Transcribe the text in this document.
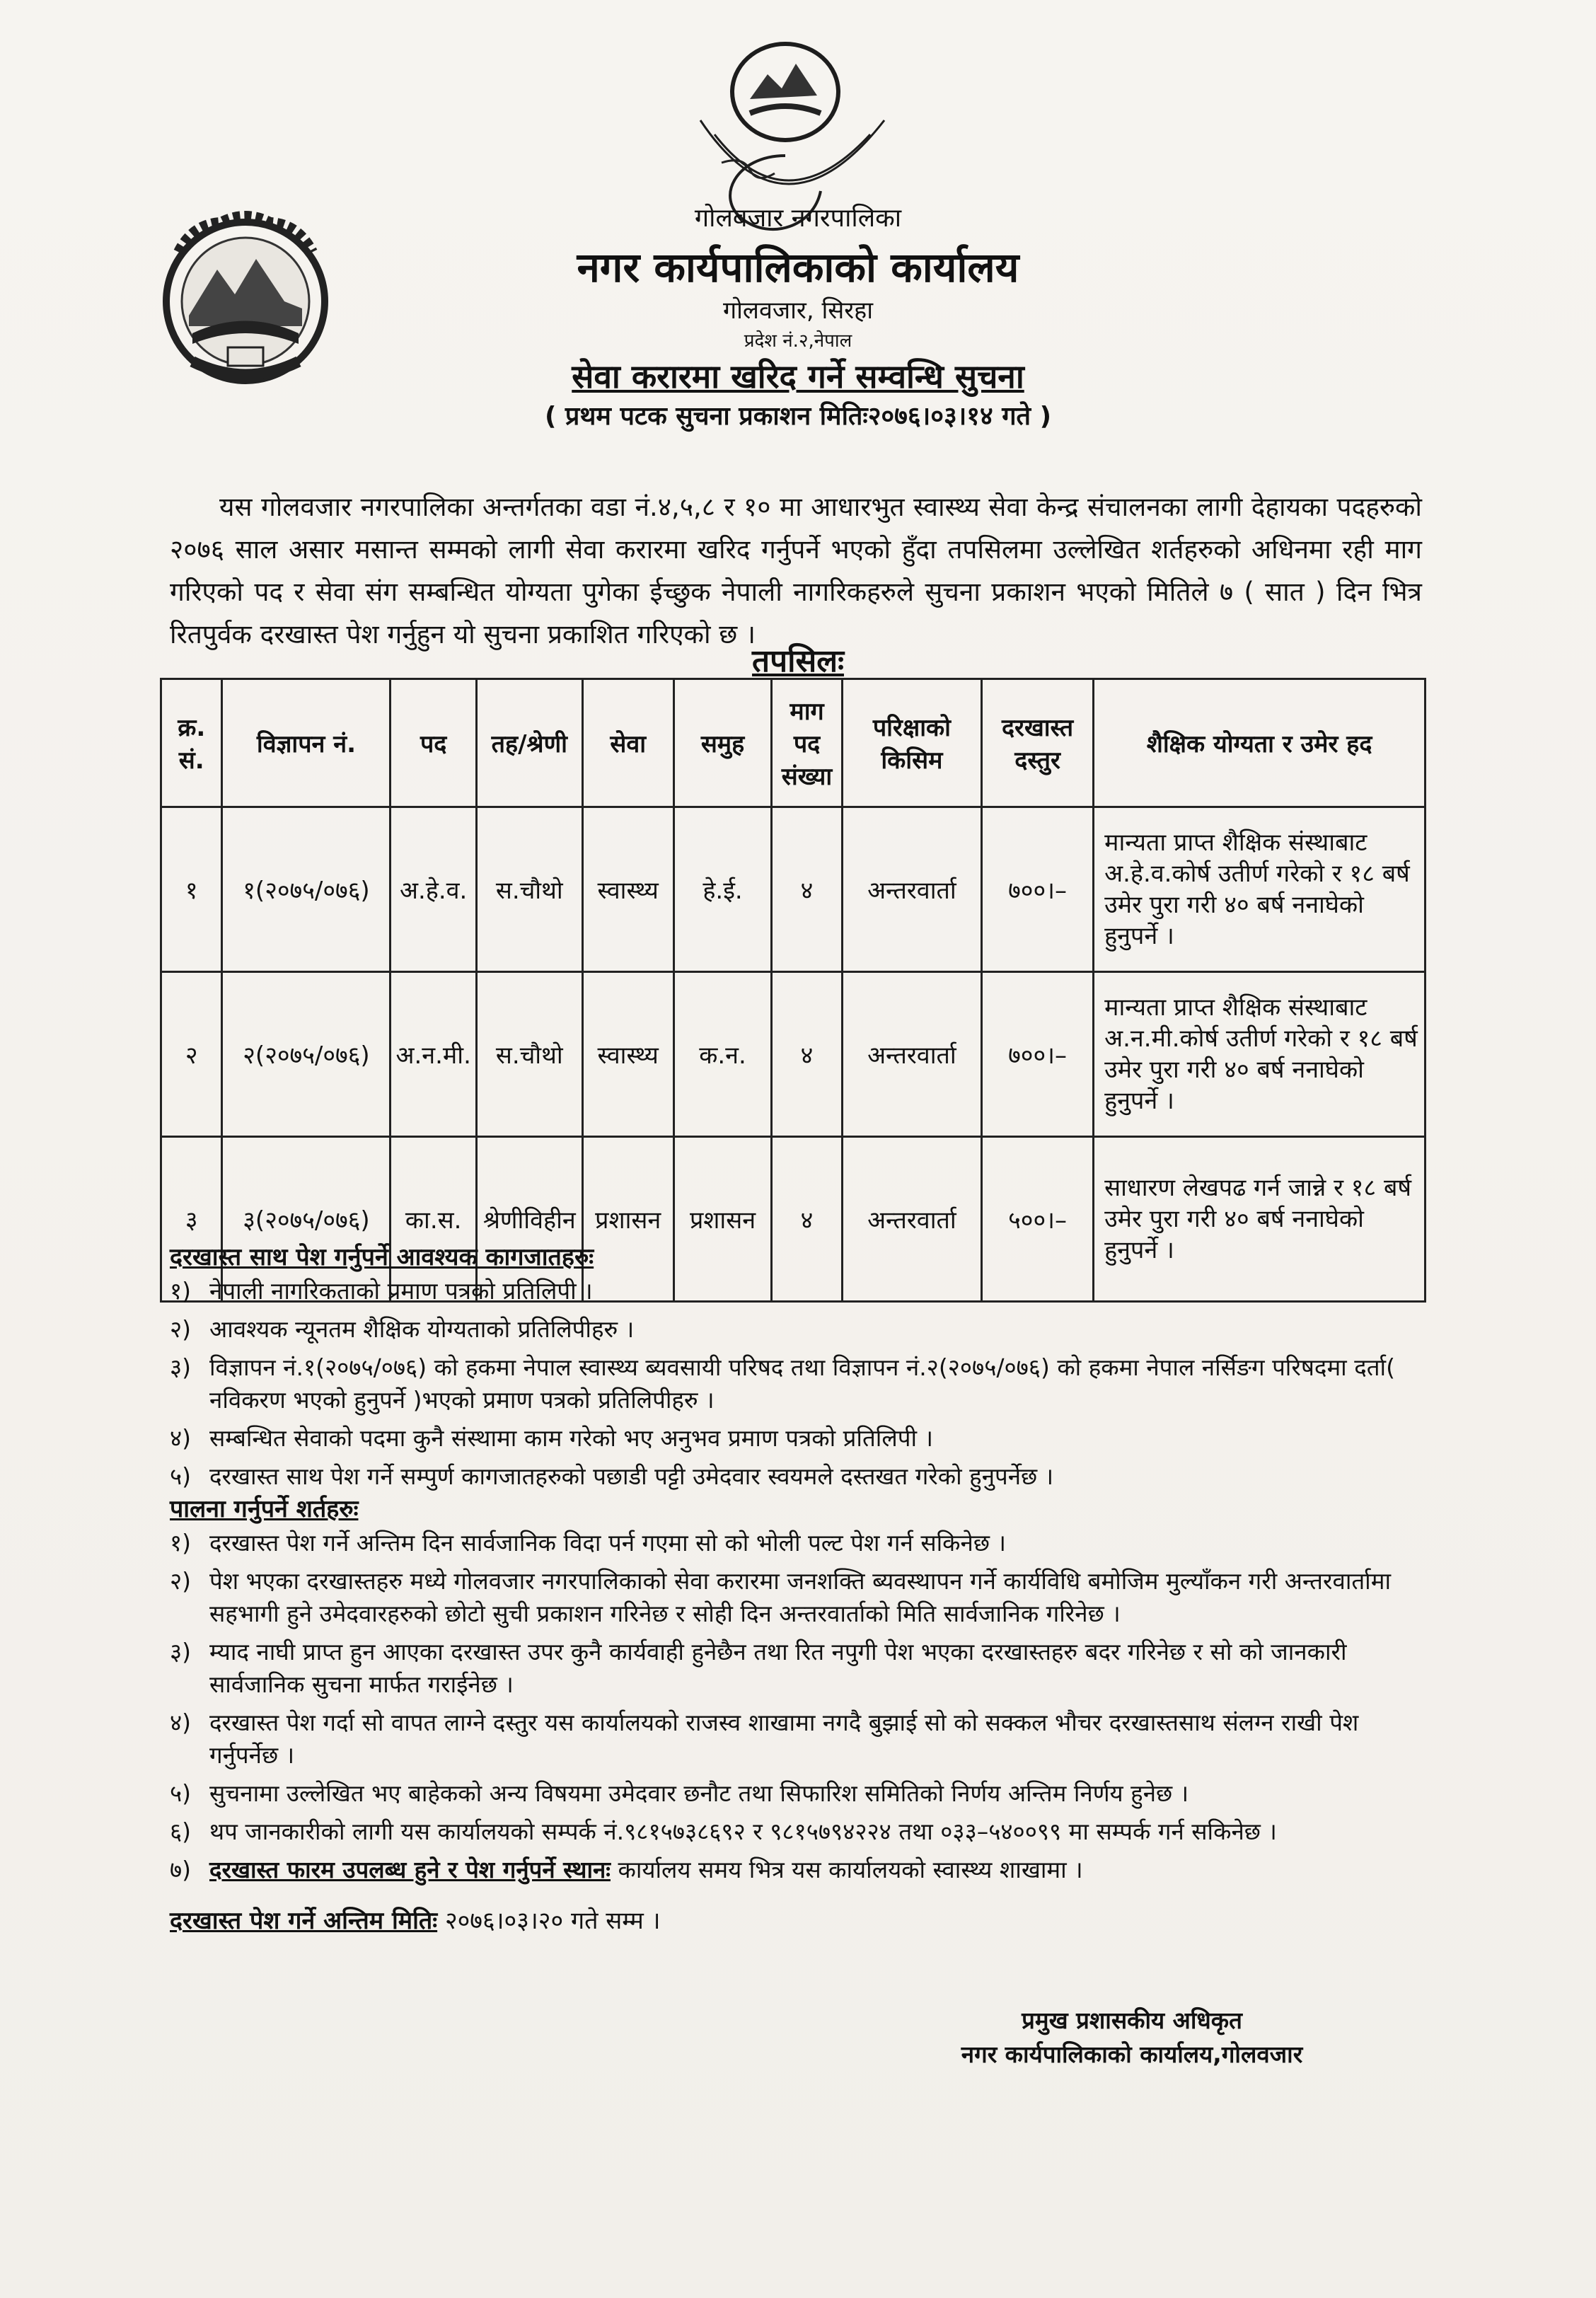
गोलबजार नगरपालिका
नगर कार्यपालिकाको कार्यालय
गोलवजार, सिरहा
प्रदेश नं.२,नेपाल
सेवा करारमा खरिद गर्ने सम्वन्धि सुचना
( प्रथम पटक सुचना प्रकाशन मितिः२०७६।०३।१४ गते )

यस गोलवजार नगरपालिका अन्तर्गतका वडा नं.४,५,८ र १० मा आधारभुत स्वास्थ्य सेवा केन्द्र संचालनका लागी देहायका पदहरुको २०७६ साल असार मसान्त सम्मको लागी सेवा करारमा खरिद गर्नुपर्ने भएको हुँदा तपसिलमा उल्लेखित शर्तहरुको अधिनमा रही माग गरिएको पद र सेवा संग सम्बन्धित योग्यता पुगेका ईच्छुक नेपाली नागरिकहरुले सुचना प्रकाशन भएको मितिले ७ ( सात ) दिन भित्र रितपुर्वक दरखास्त पेश गर्नुहुन यो सुचना प्रकाशित गरिएको छ ।

तपसिलः
क्र. सं.	विज्ञापन नं.	पद	तह/श्रेणी	सेवा	समुह	माग पद संख्या	परिक्षाको किसिम	दरखास्त दस्तुर	शैक्षिक योग्यता र उमेर हद
१	१(२०७५/०७६)	अ.हे.व.	स.चौथो	स्वास्थ्य	हे.ई.	४	अन्तरवार्ता	७००।–	मान्यता प्राप्त शैक्षिक संस्थाबाट अ.हे.व.कोर्ष उतीर्ण गरेको र १८ बर्ष उमेर पुरा गरी ४० बर्ष ननाघेको हुनुपर्ने ।
२	२(२०७५/०७६)	अ.न.मी.	स.चौथो	स्वास्थ्य	क.न.	४	अन्तरवार्ता	७००।–	मान्यता प्राप्त शैक्षिक संस्थाबाट अ.न.मी.कोर्ष उतीर्ण गरेको र १८ बर्ष उमेर पुरा गरी ४० बर्ष ननाघेको हुनुपर्ने ।
३	३(२०७५/०७६)	का.स.	श्रेणीविहीन	प्रशासन	प्रशासन	४	अन्तरवार्ता	५००।–	साधारण लेखपढ गर्न जान्ने र १८ बर्ष उमेर पुरा गरी ४० बर्ष ननाघेको हुनुपर्ने ।
दरखास्त साथ पेश गर्नुपर्ने आवश्यक कागजातहरुः
१) नेपाली नागरिकताको प्रमाण पत्रको प्रतिलिपी ।
२) आवश्यक न्यूनतम शैक्षिक योग्यताको प्रतिलिपीहरु ।
३) विज्ञापन नं.१(२०७५/०७६) को हकमा नेपाल स्वास्थ्य ब्यवसायी परिषद तथा विज्ञापन नं.२(२०७५/०७६) को हकमा नेपाल नर्सिङग परिषदमा दर्ता( नविकरण भएको हुनुपर्ने )भएको प्रमाण पत्रको प्रतिलिपीहरु ।
४) सम्बन्धित सेवाको पदमा कुनै संस्थामा काम गरेको भए अनुभव प्रमाण पत्रको प्रतिलिपी ।
५) दरखास्त साथ पेश गर्ने सम्पुर्ण कागजातहरुको पछाडी पट्टी उमेदवार स्वयमले दस्तखत गरेको हुनुपर्नेछ ।
पालना गर्नुपर्ने शर्तहरुः
१) दरखास्त पेश गर्ने अन्तिम दिन सार्वजानिक विदा पर्न गएमा सो को भोली पल्ट पेश गर्न सकिनेछ ।
२) पेश भएका दरखास्तहरु मध्ये गोलवजार नगरपालिकाको सेवा करारमा जनशक्ति ब्यवस्थापन गर्ने कार्यविधि बमोजिम मुल्याँकन गरी अन्तरवार्तामा सहभागी हुने उमेदवारहरुको छोटो सुची प्रकाशन गरिनेछ र सोही दिन अन्तरवार्ताको मिति सार्वजानिक गरिनेछ ।
३) म्याद नाघी प्राप्त हुन आएका दरखास्त उपर कुनै कार्यवाही हुनेछैन तथा रित नपुगी पेश भएका दरखास्तहरु बदर गरिनेछ र सो को जानकारी सार्वजानिक सुचना मार्फत गराईनेछ ।
४) दरखास्त पेश गर्दा सो वापत लाग्ने दस्तुर यस कार्यालयको राजस्व शाखामा नगदै बुझाई सो को सक्कल भौचर दरखास्तसाथ संलग्न राखी पेश गर्नुपर्नेछ ।
५) सुचनामा उल्लेखित भए बाहेकको अन्य विषयमा उमेदवार छनौट तथा सिफारिश समितिको निर्णय अन्तिम निर्णय हुनेछ ।
६) थप जानकारीको लागी यस कार्यालयको सम्पर्क नं.९८१५७३८६९२ र ९८१५७९४२२४ तथा ०३३–५४००९९ मा सम्पर्क गर्न सकिनेछ ।
७) दरखास्त फारम उपलब्ध हुने र पेश गर्नुपर्ने स्थानः कार्यालय समय भित्र यस कार्यालयको स्वास्थ्य शाखामा ।
दरखास्त पेश गर्ने अन्तिम मितिः २०७६।०३।२० गते सम्म ।
प्रमुख प्रशासकीय अधिकृत
नगर कार्यपालिकाको कार्यालय,गोलवजार
